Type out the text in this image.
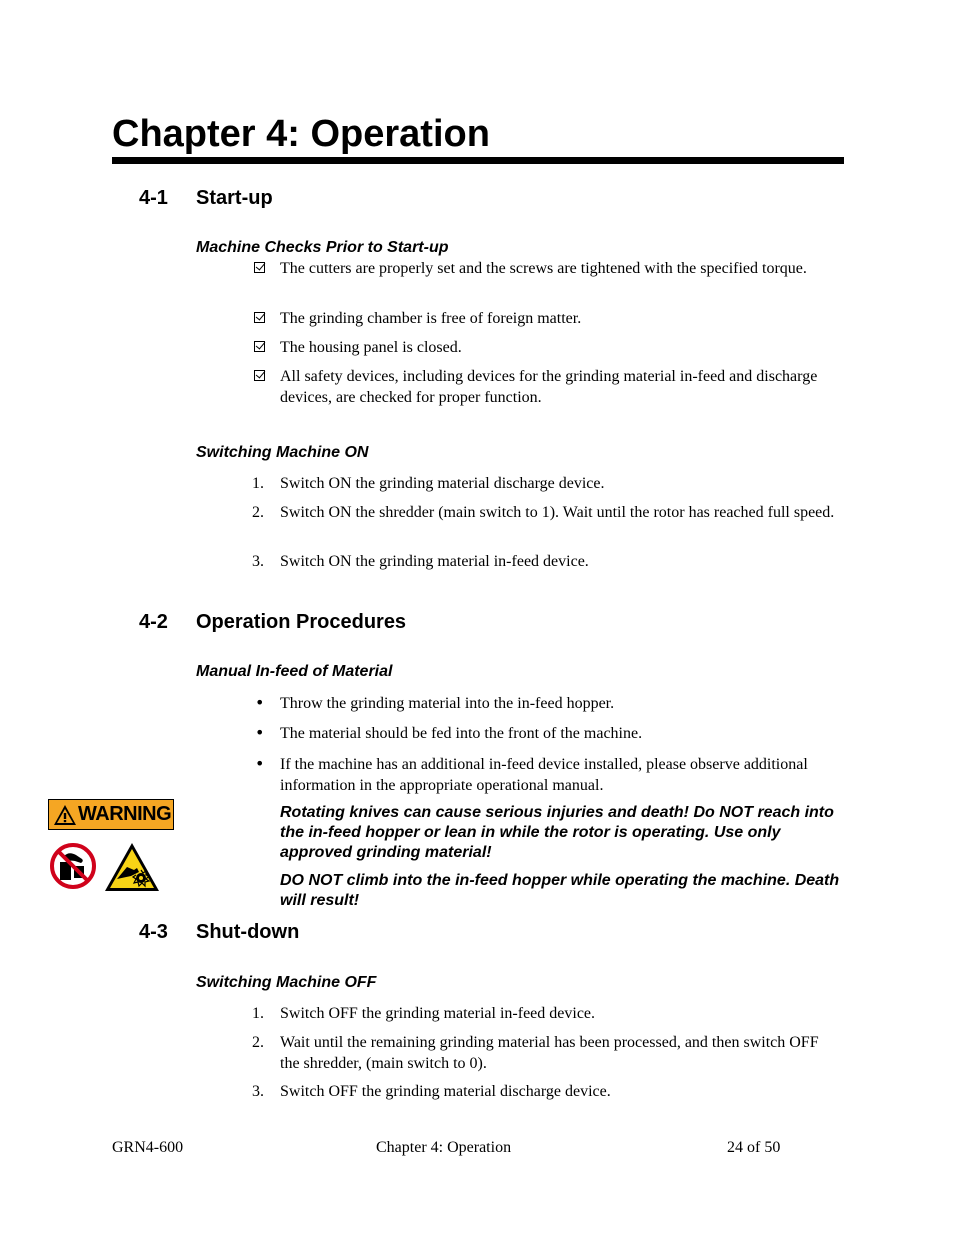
Chapter 4: Operation
4-1 Start-up
Machine Checks Prior to Start-up
The cutters are properly set and the screws are tightened with the specified torque.
The grinding chamber is free of foreign matter.
The housing panel is closed.
All safety devices, including devices for the grinding material in-feed and discharge devices, are checked for proper function.
Switching Machine ON
1.	Switch ON the grinding material discharge device.
2.	Switch ON the shredder (main switch to 1). Wait until the rotor has reached full speed.
3.	Switch ON the grinding material in-feed device.
4-2 Operation Procedures
Manual In-feed of Material
• Throw the grinding material into the in-feed hopper.
• The material should be fed into the front of the machine.
• If the machine has an additional in-feed device installed, please observe additional information in the appropriate operational manual.
WARNING	Rotating knives can cause serious injuries and death! Do NOT reach into the in-feed hopper or lean in while the rotor is operating. Use only approved grinding material!

DO NOT climb into the in-feed hopper while operating the machine. Death will result!

4-3 Shut-down
Switching Machine OFF
1.	Switch OFF the grinding material in-feed device.
2.	Wait until the remaining grinding material has been processed, and then switch OFF the shredder, (main switch to 0).
3.	Switch OFF the grinding material discharge device.
GRN4-600	Chapter 4: Operation	24 of 50
